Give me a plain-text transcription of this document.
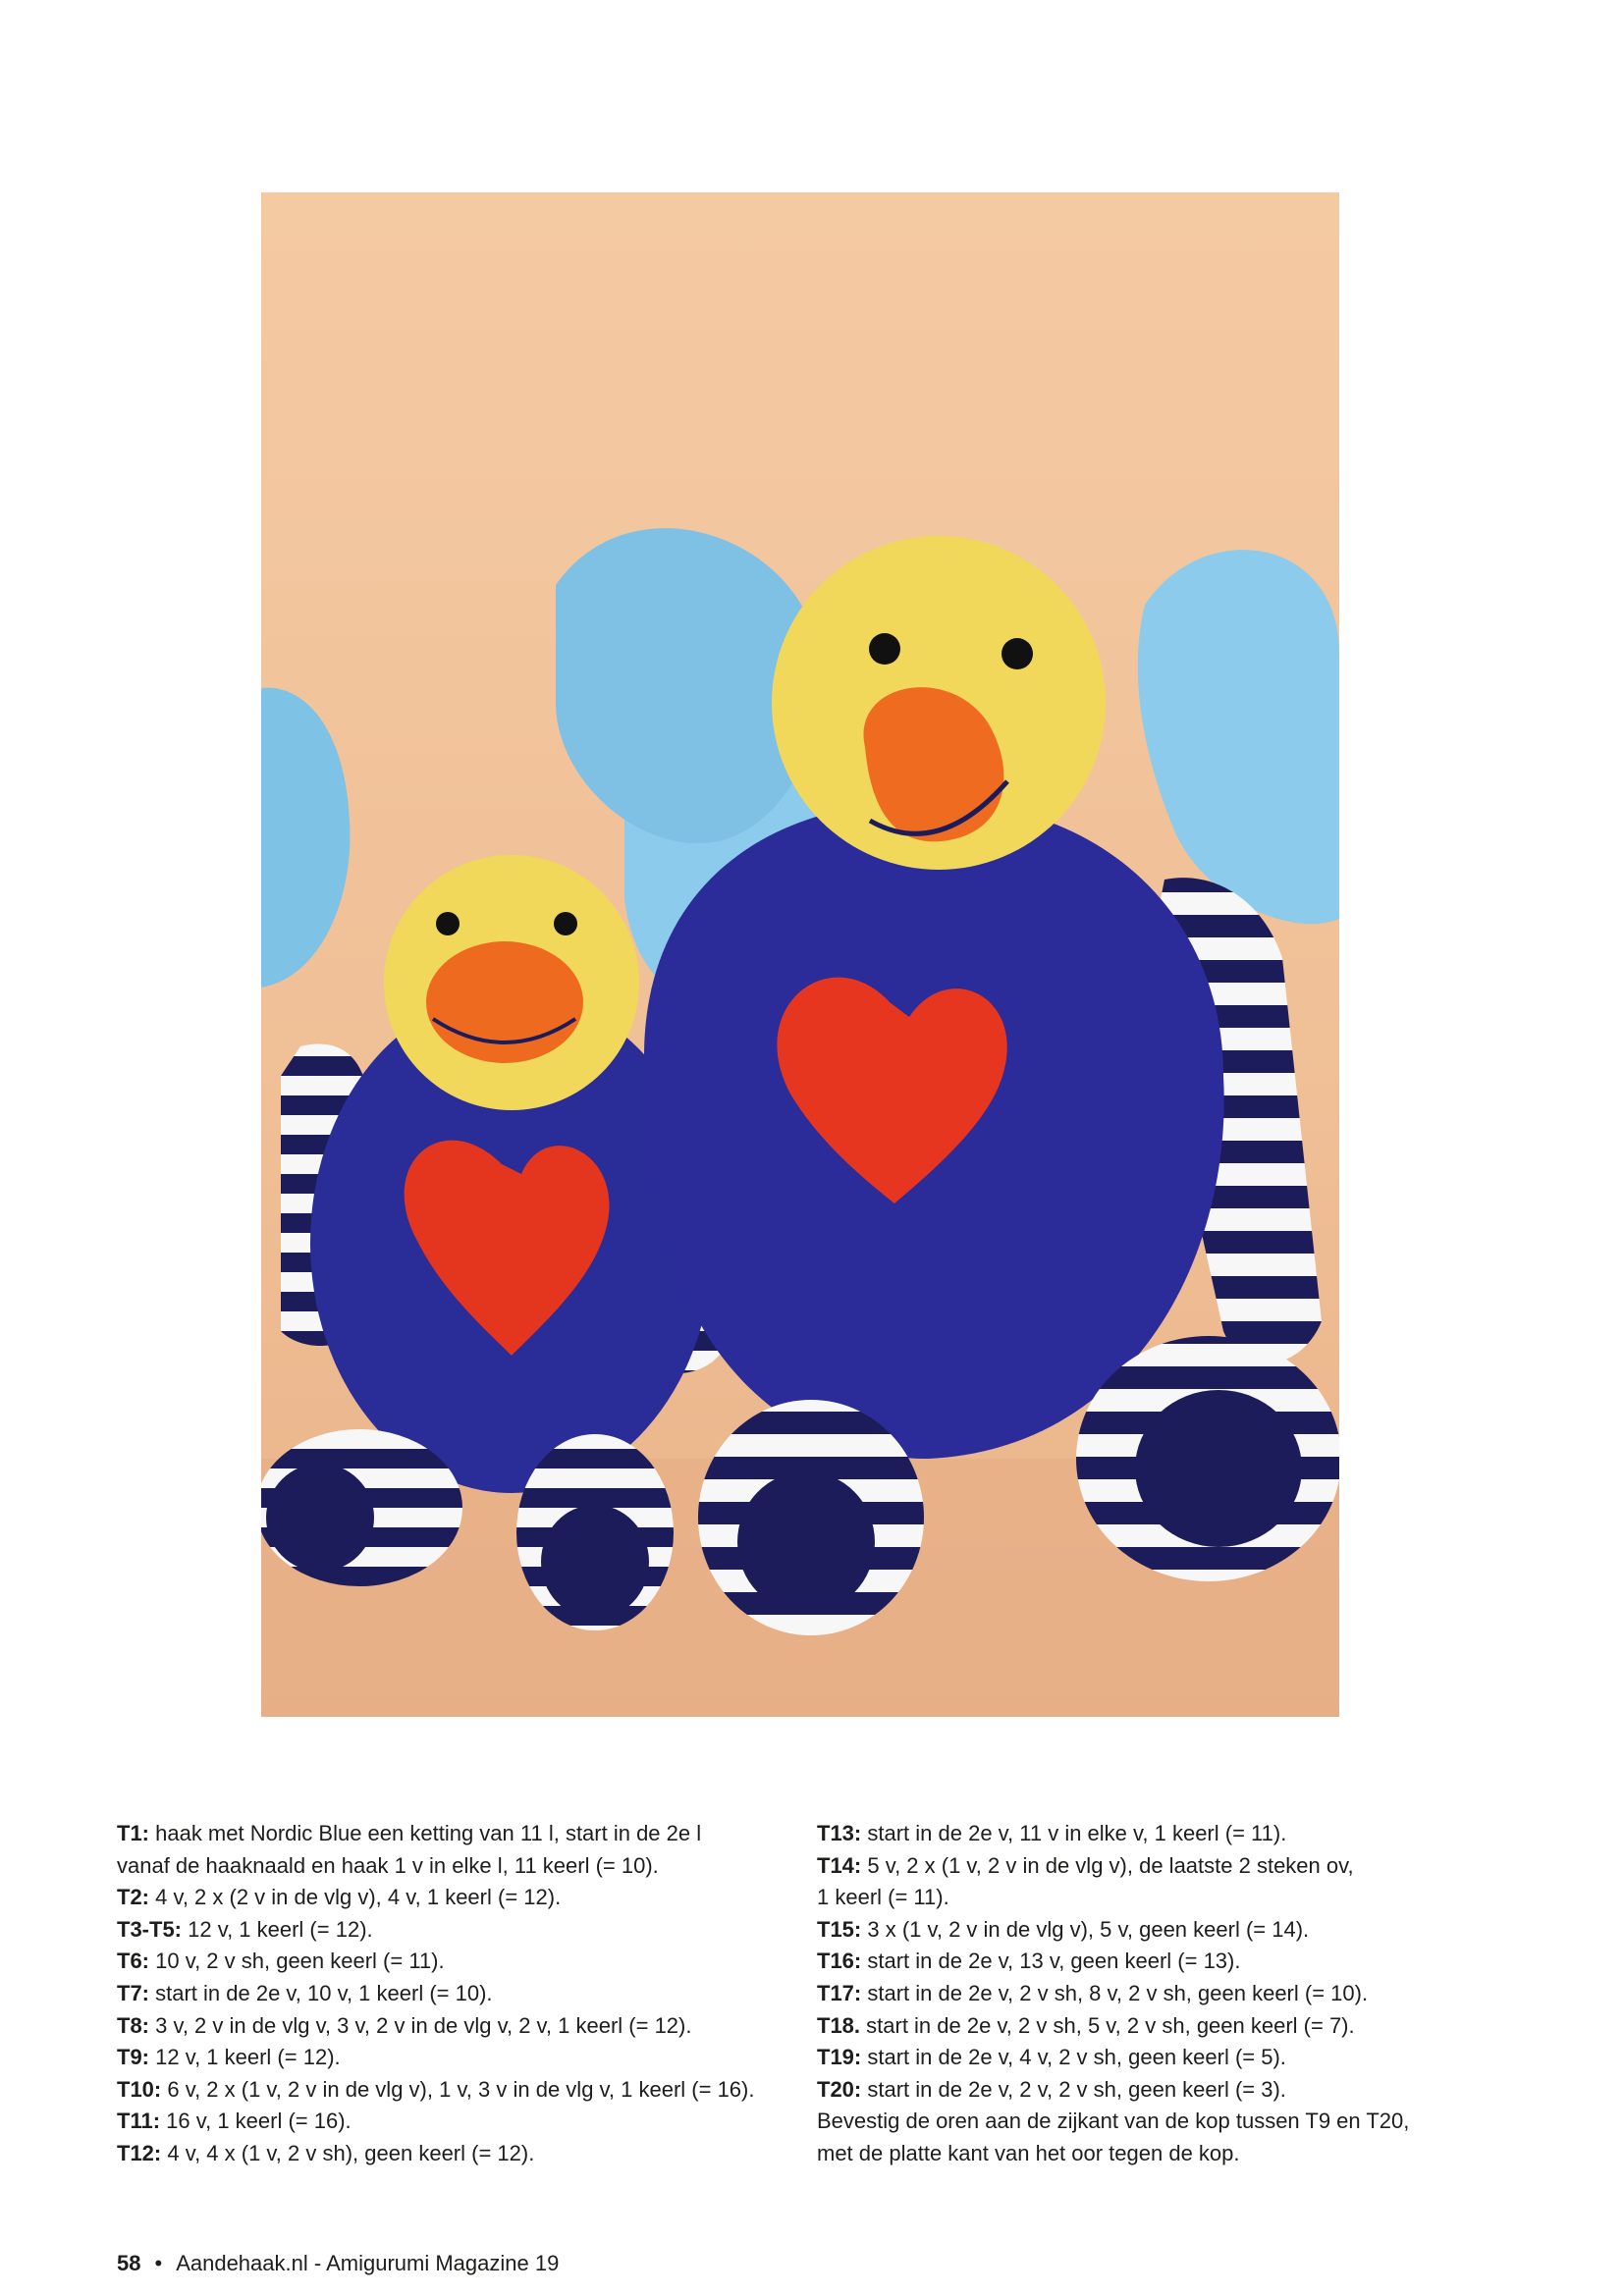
T1: haak met Nordic Blue een ketting van 11 l, start in de 2e l
vanaf de haaknaald en haak 1 v in elke l, 11 keerl (= 10).
T2: 4 v, 2 x (2 v in de vlg v), 4 v, 1 keerl (= 12).
T3-T5: 12 v, 1 keerl (= 12).
T6: 10 v, 2 v sh, geen keerl (= 11).
T7: start in de 2e v, 10 v, 1 keerl (= 10).
T8: 3 v, 2 v in de vlg v, 3 v, 2 v in de vlg v, 2 v, 1 keerl (= 12).
T9: 12 v, 1 keerl (= 12).
T10: 6 v, 2 x (1 v, 2 v in de vlg v), 1 v, 3 v in de vlg v, 1 keerl (= 16).
T11: 16 v, 1 keerl (= 16).
T12: 4 v, 4 x (1 v, 2 v sh), geen keerl (= 12).
T13: start in de 2e v, 11 v in elke v, 1 keerl (= 11).
T14: 5 v, 2 x (1 v, 2 v in de vlg v), de laatste 2 steken ov,
1 keerl (= 11).
T15: 3 x (1 v, 2 v in de vlg v), 5 v, geen keerl (= 14).
T16: start in de 2e v, 13 v, geen keerl (= 13).
T17: start in de 2e v, 2 v sh, 8 v, 2 v sh, geen keerl (= 10).
T18. start in de 2e v, 2 v sh, 5 v, 2 v sh, geen keerl (= 7).
T19: start in de 2e v, 4 v, 2 v sh, geen keerl (= 5).
T20: start in de 2e v, 2 v, 2 v sh, geen keerl (= 3).
Bevestig de oren aan de zijkant van de kop tussen T9 en T20,
met de platte kant van het oor tegen de kop.
58 • Aandehaak.nl - Amigurumi Magazine 19
